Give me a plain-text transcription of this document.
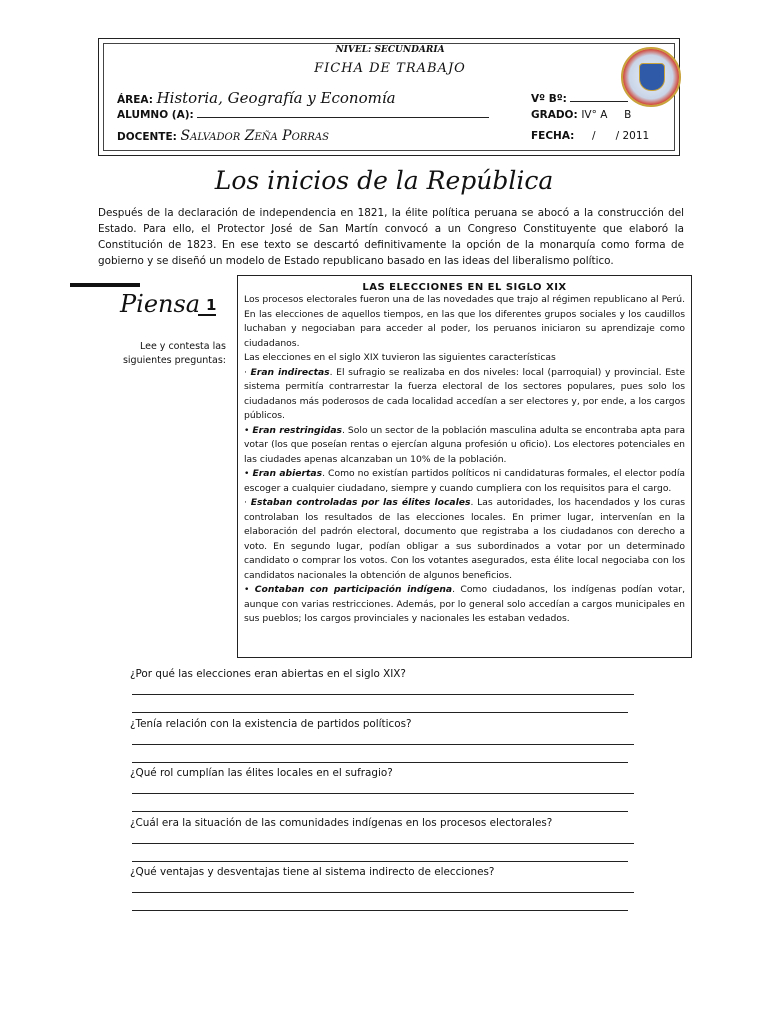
NIVEL: SECUNDARIA
FICHA DE TRABAJO
ÁREA: Historia, Geografía y Economía
ALUMNO (A):
DOCENTE: Salvador Zeña Porras
Vº Bº:
GRADO: IV° A     B
FECHA: /      / 2011
Los inicios de la República
Después de la declaración de independencia en 1821, la élite política peruana se abocó a la construcción del Estado. Para ello, el Protector José de San Martín convocó a un Congreso Constituyente que elaboró la Constitución de 1823. En ese texto se descartó definitivamente la opción de la monarquía como forma de gobierno y se diseñó un modelo de Estado republicano basado en las ideas del liberalismo político.
Piensa 1
Lee y contesta las siguientes preguntas:
LAS ELECCIONES EN EL SIGLO XIX

Los procesos electorales fueron una de las novedades que trajo al régimen republicano al Perú. En las elecciones de aquellos tiempos, en las que los diferentes grupos sociales y los caudillos luchaban y negociaban para acceder al poder, los peruanos iniciaron su aprendizaje como ciudadanos.

Las elecciones en el siglo XIX tuvieron las siguientes características

· Eran indirectas. El sufragio se realizaba en dos niveles: local (parroquial) y provincial. Este sistema permitía contrarrestar la fuerza electoral de los sectores populares, pues solo los ciudadanos más poderosos de cada localidad accedían a ser electores y, por ende, a los cargos públicos.

• Eran restringidas. Solo un sector de la población masculina adulta se encontraba apta para votar (los que poseían rentas o ejercían alguna profesión u oficio). Los electores potenciales en las ciudades apenas alcanzaban un 10% de la población.

• Eran abiertas. Como no existían partidos políticos ni candidaturas formales, el elector podía escoger a cualquier ciudadano, siempre y cuando cumpliera con los requisitos para el cargo.

· Estaban controladas por las élites locales. Las autoridades, los hacendados y los curas controlaban los resultados de las elecciones locales. En primer lugar, intervenían en la elaboración del padrón electoral, documento que registraba a los ciudadanos con derecho a voto. En segundo lugar, podían obligar a sus subordinados a votar por un determinado candidato o comprar los votos. Con los votantes asegurados, esta élite local negociaba con los candidatos nacionales la obtención de algunos beneficios.

• Contaban con participación indígena. Como ciudadanos, los indígenas podían votar, aunque con varias restricciones. Además, por lo general solo accedían a cargos municipales en sus pueblos; los cargos provinciales y nacionales les estaban vedados.

¿Por qué las elecciones eran abiertas en el siglo XIX?
¿Tenía relación con la existencia de partidos políticos?
¿Qué rol cumplían las élites locales en el sufragio?
¿Cuál era la situación de las comunidades indígenas en los procesos electorales?
¿Qué ventajas y desventajas tiene al sistema indirecto de elecciones?
